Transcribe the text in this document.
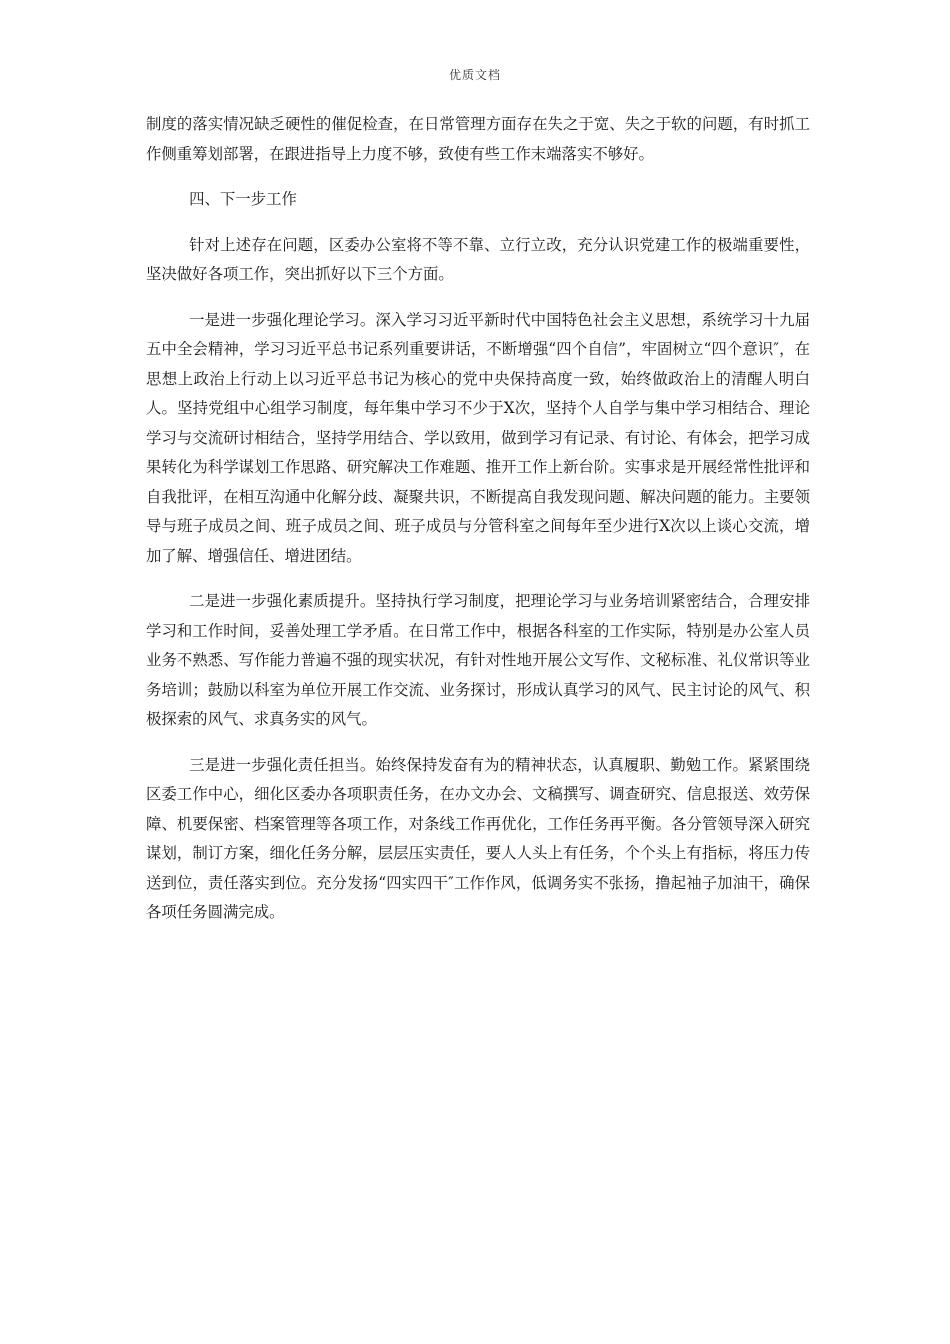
优质文档

制度的落实情况缺乏硬性的催促检查，在日常管理方面存在失之于宽、失之于软的问题，有时抓工作侧重筹划部署，在跟进指导上力度不够，致使有些工作末端落实不够好。

四、下一步工作

针对上述存在问题，区委办公室将不等不靠、立行立改，充分认识党建工作的极端重要性，坚决做好各项工作，突出抓好以下三个方面。

一是进一步强化理论学习。深入学习习近平新时代中国特色社会主义思想，系统学习十九届五中全会精神，学习习近平总书记系列重要讲话，不断增强“四个自信”，牢固树立“四个意识″，在思想上政治上行动上以习近平总书记为核心的党中央保持高度一致，始终做政治上的清醒人明白人。坚持党组中心组学习制度，每年集中学习不少于X次，坚持个人自学与集中学习相结合、理论学习与交流研讨相结合，坚持学用结合、学以致用，做到学习有记录、有讨论、有体会，把学习成果转化为科学谋划工作思路、研究解决工作难题、推开工作上新台阶。实事求是开展经常性批评和自我批评，在相互沟通中化解分歧、凝聚共识，不断提高自我发现问题、解决问题的能力。主要领导与班子成员之间、班子成员之间、班子成员与分管科室之间每年至少进行X次以上谈心交流，增加了解、增强信任、增进团结。

二是进一步强化素质提升。坚持执行学习制度，把理论学习与业务培训紧密结合，合理安排学习和工作时间，妥善处理工学矛盾。在日常工作中，根据各科室的工作实际，特别是办公室人员业务不熟悉、写作能力普遍不强的现实状况，有针对性地开展公文写作、文秘标准、礼仪常识等业务培训；鼓励以科室为单位开展工作交流、业务探讨，形成认真学习的风气、民主讨论的风气、积极探索的风气、求真务实的风气。

三是进一步强化责任担当。始终保持发奋有为的精神状态，认真履职、勤勉工作。紧紧围绕区委工作中心，细化区委办各项职责任务，在办文办会、文稿撰写、调查研究、信息报送、效劳保障、机要保密、档案管理等各项工作，对条线工作再优化，工作任务再平衡。各分管领导深入研究谋划，制订方案，细化任务分解，层层压实责任，要人人头上有任务，个个头上有指标，将压力传送到位，责任落实到位。充分发扬“四实四干″工作作风，低调务实不张扬，撸起袖子加油干，确保各项任务圆满完成。
